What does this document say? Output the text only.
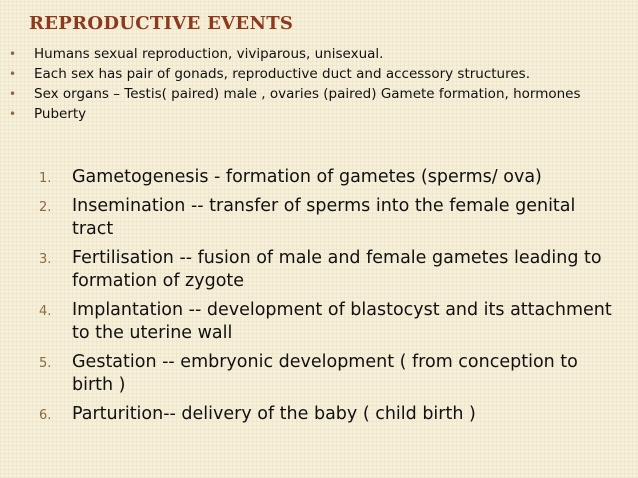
REPRODUCTIVE EVENTS
• Humans sexual reproduction, viviparous, unisexual.
• Each sex has pair of gonads, reproductive duct and accessory structures.
• Sex organs – Testis( paired) male , ovaries (paired) Gamete formation, hormones
• Puberty
1. Gametogenesis - formation of gametes (sperms/ ova)
2. Insemination -- transfer of sperms into the female genital tract
3. Fertilisation -- fusion of male and female gametes leading to formation of zygote
4. Implantation -- development of blastocyst and its attachment to the uterine wall
5. Gestation -- embryonic development ( from conception to birth )
6. Parturition-- delivery of the baby ( child birth )
